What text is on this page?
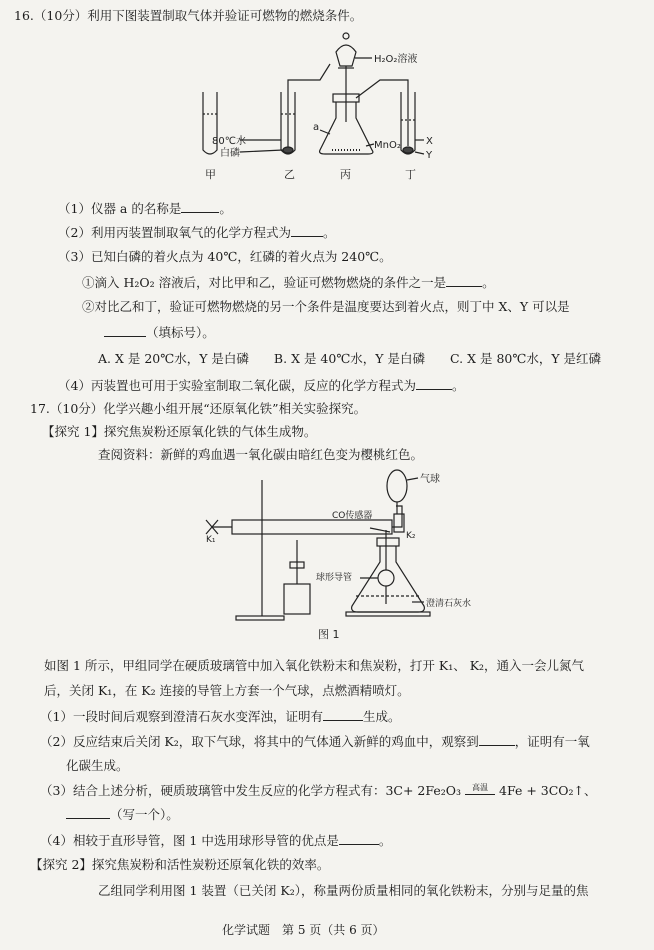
16.（10分）利用下图装置制取气体并验证可燃物的燃烧条件。
H₂O₂溶液
80℃水
白磷
a
MnO₂	X
Y
甲	乙	丙	丁
（1）仪器 a 的名称是	。
（2）利用丙装置制取氧气的化学方程式为	。
（3）已知白磷的着火点为 40℃，红磷的着火点为 240℃。
①滴入 H₂O₂ 溶液后，对比甲和乙，验证可燃物燃烧的条件之一是	。
②对比乙和丁，验证可燃物燃烧的另一个条件是温度要达到着火点，则丁中 X、Y 可以是
（填标号）。
A. X 是 20℃水，Y 是白磷　　B. X 是 40℃水，Y 是白磷　　C. X 是 80℃水，Y 是红磷
（4）丙装置也可用于实验室制取二氧化碳，反应的化学方程式为	。
17.（10分）化学兴趣小组开展“还原氧化铁”相关实验探究。
【探究 1】探究焦炭粉还原氧化铁的气体生成物。
查阅资料：新鲜的鸡血遇一氧化碳由暗红色变为樱桃红色。
气球
CO传感器
K₁	K₂
球形导管
澄清石灰水
图 1
如图 1 所示，甲组同学在硬质玻璃管中加入氧化铁粉末和焦炭粉，打开 K₁、 K₂，通入一会儿氮气
后，关闭 K₁，在 K₂ 连接的导管上方套一个气球，点燃酒精喷灯。
（1）一段时间后观察到澄清石灰水变浑浊，证明有	生成。
（2）反应结束后关闭 K₂，取下气球，将其中的气体通入新鲜的鸡血中，观察到	，证明有一氧
化碳生成。
（3）结合上述分析，硬质玻璃管中发生反应的化学方程式有：3C+ 2Fe₂O₃	高温 4Fe + 3CO₂↑、
（写一个）。
（4）相较于直形导管，图 1 中选用球形导管的优点是	。
【探究 2】探究焦炭粉和活性炭粉还原氧化铁的效率。
乙组同学利用图 1 装置（已关闭 K₂），称量两份质量相同的氧化铁粉末，分别与足量的焦
化学试题　第 5 页（共 6 页）
